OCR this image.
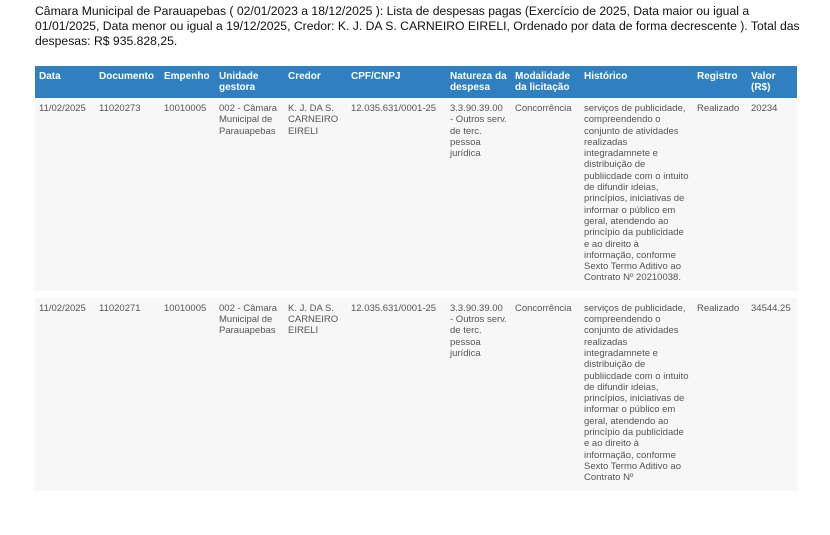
Câmara Municipal de Parauapebas ( 02/01/2023 a 18/12/2025 ): Lista de despesas pagas (Exercício de 2025, Data maior ou igual a 01/01/2025, Data menor ou igual a 19/12/2025, Credor: K. J. DA S. CARNEIRO EIRELI, Ordenado por data de forma decrescente ). Total das despesas: R$ 935.828,25.
Data	Documento	Empenho	Unidade gestora	Credor	CPF/CNPJ	Natureza da despesa	Modalidade da licitação	Histórico	Registro	Valor (R$)
11/02/2025	11020273	10010005	002 - Câmara Municipal de Parauapebas	K. J. DA S. CARNEIRO EIRELI	12.035.631/0001-25	3.3.90.39.00 - Outros serv. de terc. pessoa jurídica	Concorrência	serviços de publicidade, compreendendo o conjunto de atividades realizadas integradamnete e distribuição de publiicdade com o intuito de difundir ideias, princípios, iniciativas de informar o público em geral, atendendo ao princípio da publicidade e ao direito à informação, conforme Sexto Termo Aditivo ao Contrato Nº 20210038.	Realizado	20234

11/02/2025	11020271	10010005	002 - Câmara Municipal de Parauapebas	K. J. DA S. CARNEIRO EIRELI	12.035.631/0001-25	3.3.90.39.00 - Outros serv. de terc. pessoa jurídica	Concorrência	serviços de publicidade, compreendendo o conjunto de atividades realizadas integradamnete e distribuição de publiicdade com o intuito de difundir ideias, princípios, iniciativas de informar o público em geral, atendendo ao princípio da publicidade e ao direito à informação, conforme Sexto Termo Aditivo ao Contrato Nº	Realizado	34544.25
